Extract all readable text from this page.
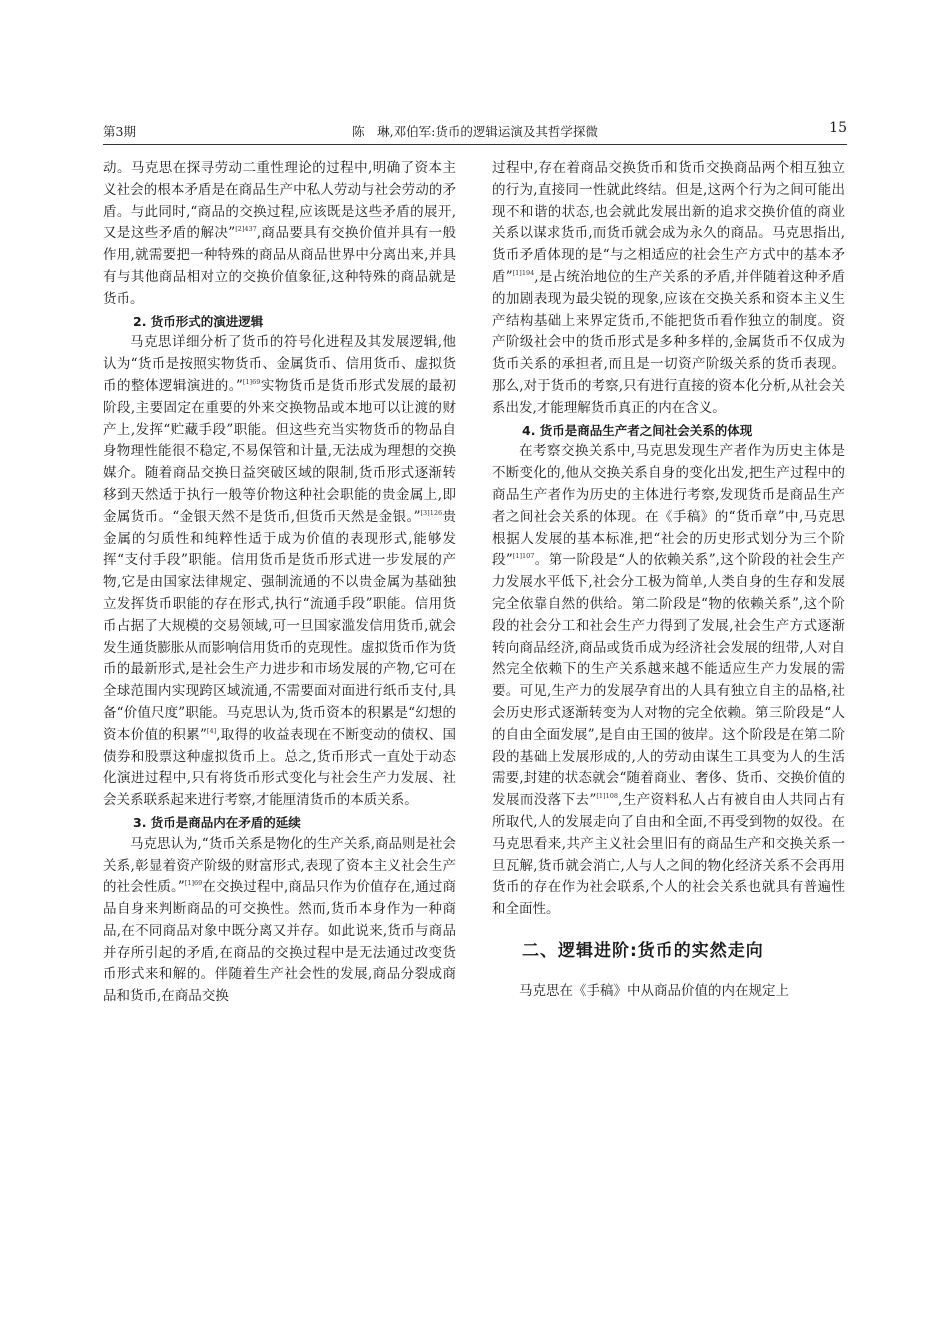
第3期	陈　琳,邓伯军:货币的逻辑运演及其哲学探微	15

动。马克思在探寻劳动二重性理论的过程中,明确了资本主义社会的根本矛盾是在商品生产中私人劳动与社会劳动的矛盾。与此同时,“商品的交换过程,应该既是这些矛盾的展开,又是这些矛盾的解决”$^{[2]437}$,商品要具有交换价值并具有一般作用,就需要把一种特殊的商品从商品世界中分离出来,并具有与其他商品相对立的交换价值象征,这种特殊的商品就是货币。

2. 货币形式的演进逻辑

马克思详细分析了货币的符号化进程及其发展逻辑,他认为“货币是按照实物货币、金属货币、信用货币、虚拟货币的整体逻辑演进的。”$^{[1]69}$实物货币是货币形式发展的最初阶段,主要固定在重要的外来交换物品或本地可以让渡的财产上,发挥“贮藏手段”职能。但这些充当实物货币的物品自身物理性能很不稳定,不易保管和计量,无法成为理想的交换媒介。随着商品交换日益突破区域的限制,货币形式逐渐转移到天然适于执行一般等价物这种社会职能的贵金属上,即金属货币。“金银天然不是货币,但货币天然是金银。”$^{[3]126}$贵金属的匀质性和纯粹性适于成为价值的表现形式,能够发挥“支付手段”职能。信用货币是货币形式进一步发展的产物,它是由国家法律规定、强制流通的不以贵金属为基础独立发挥货币职能的存在形式,执行“流通手段”职能。信用货币占据了大规模的交易领域,可一旦国家滥发信用货币,就会发生通货膨胀从而影响信用货币的克现性。虚拟货币作为货币的最新形式,是社会生产力进步和市场发展的产物,它可在全球范围内实现跨区域流通,不需要面对面进行纸币支付,具备“价值尺度”职能。马克思认为,货币资本的积累是“幻想的资本价值的积累”[4],取得的收益表现在不断变动的债权、国债券和股票这种虚拟货币上。总之,货币形式一直处于动态化演进过程中,只有将货币形式变化与社会生产力发展、社会关系联系起来进行考察,才能厘清货币的本质关系。

3. 货币是商品内在矛盾的延续

马克思认为,“货币关系是物化的生产关系,商品则是社会关系,彰显着资产阶级的财富形式,表现了资本主义社会生产的社会性质。”$^{[1]69}$在交换过程中,商品只作为价值存在,通过商品自身来判断商品的可交换性。然而,货币本身作为一种商品,在不同商品对象中既分离又并存。如此说来,货币与商品并存所引起的矛盾,在商品的交换过程中是无法通过改变货币形式来和解的。伴随着生产社会性的发展,商品分裂成商品和货币,在商品交换

过程中,存在着商品交换货币和货币交换商品两个相互独立的行为,直接同一性就此终结。但是,这两个行为之间可能出现不和谐的状态,也会就此发展出新的追求交换价值的商业关系以谋求货币,而货币就会成为永久的商品。马克思指出,货币矛盾体现的是“与之相适应的社会生产方式中的基本矛盾”$^{[1]194}$,是占统治地位的生产关系的矛盾,并伴随着这种矛盾的加剧表现为最尖锐的现象,应该在交换关系和资本主义生产结构基础上来界定货币,不能把货币看作独立的制度。资产阶级社会中的货币形式是多种多样的,金属货币不仅成为货币关系的承担者,而且是一切资产阶级关系的货币表现。那么,对于货币的考察,只有进行直接的资本化分析,从社会关系出发,才能理解货币真正的内在含义。

4. 货币是商品生产者之间社会关系的体现

在考察交换关系中,马克思发现生产者作为历史主体是不断变化的,他从交换关系自身的变化出发,把生产过程中的商品生产者作为历史的主体进行考察,发现货币是商品生产者之间社会关系的体现。在《手稿》的“货币章”中,马克思根据人发展的基本标准,把“社会的历史形式划分为三个阶段”$^{[1]107}$。第一阶段是“人的依赖关系”,这个阶段的社会生产力发展水平低下,社会分工极为简单,人类自身的生存和发展完全依靠自然的供给。第二阶段是“物的依赖关系”,这个阶段的社会分工和社会生产力得到了发展,社会生产方式逐渐转向商品经济,商品或货币成为经济社会发展的纽带,人对自然完全依赖下的生产关系越来越不能适应生产力发展的需要。可见,生产力的发展孕育出的人具有独立自主的品格,社会历史形式逐渐转变为人对物的完全依赖。第三阶段是“人的自由全面发展”,是自由王国的彼岸。这个阶段是在第二阶段的基础上发展形成的,人的劳动由谋生工具变为人的生活需要,封建的状态就会“随着商业、奢侈、货币、交换价值的发展而没落下去”$^{[1]108}$,生产资料私人占有被自由人共同占有所取代,人的发展走向了自由和全面,不再受到物的奴役。在马克思看来,共产主义社会里旧有的商品生产和交换关系一旦瓦解,货币就会消亡,人与人之间的物化经济关系不会再用货币的存在作为社会联系,个人的社会关系也就具有普遍性和全面性。

二、逻辑进阶:货币的实然走向

马克思在《手稿》中从商品价值的内在规定上
